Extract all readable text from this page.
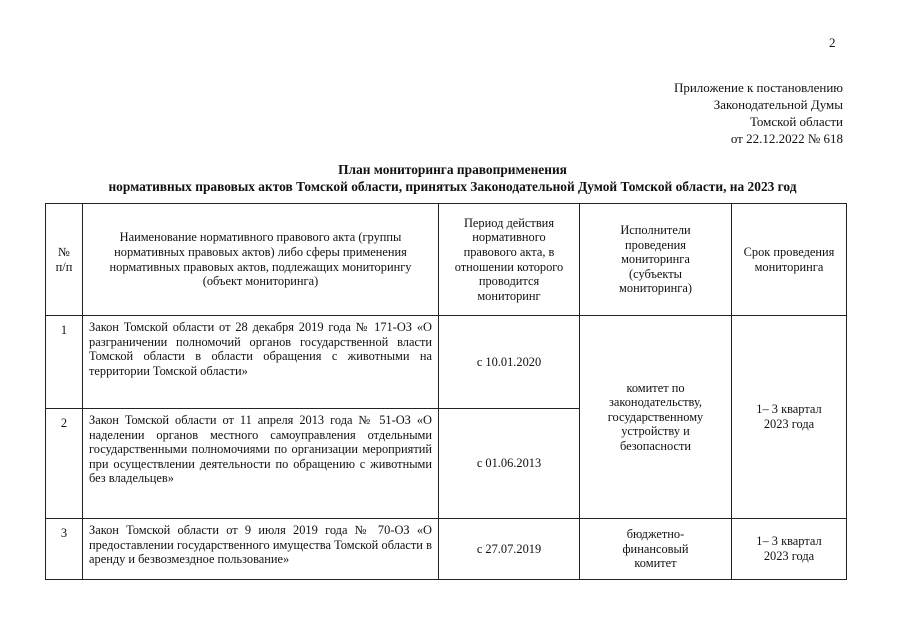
2
Приложение к постановлению
Законодательной Думы
Томской области
от 22.12.2022 № 618
План мониторинга правоприменения
нормативных правовых актов Томской области, принятых Законодательной Думой Томской области, на 2023 год
№ п/п	Наименование нормативного правового акта (группы нормативных правовых актов) либо сферы применения нормативных правовых актов, подлежащих мониторингу (объект мониторинга)	Период действия нормативного правового акта, в отношении которого проводится мониторинг	Исполнители проведения мониторинга (субъекты мониторинга)	Срок проведения мониторинга
1	Закон Томской области от 28 декабря 2019 года № 171-ОЗ «О разграничении полномочий органов государственной власти Томской области в области обращения с животными на территории Томской области»	с 10.01.2020	комитет по законодательству, государственному устройству и безопасности	1– 3 квартал 2023 года
2	Закон Томской области от 11 апреля 2013 года № 51-ОЗ «О наделении органов местного самоуправления отдельными государственными полномочиями по организации мероприятий при осуществлении деятельности по обращению с животными без владельцев»	с 01.06.2013		
3	Закон Томской области от 9 июля 2019 года № 70-ОЗ «О предоставлении государственного имущества Томской области в аренду и безвозмездное пользование»	с 27.07.2019	бюджетно-финансовый комитет	1– 3 квартал 2023 года
